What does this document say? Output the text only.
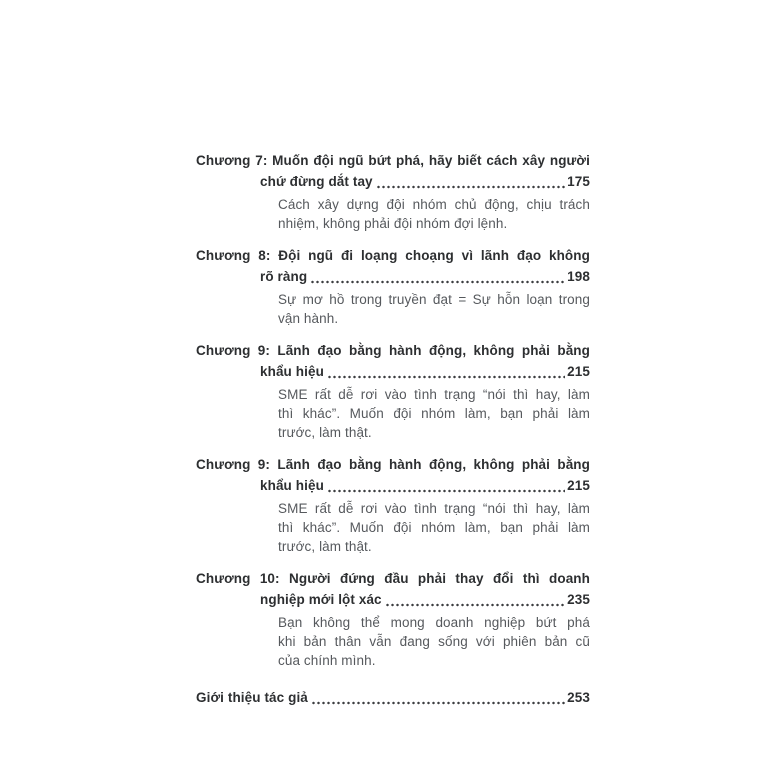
Chương 7: Muốn đội ngũ bứt phá, hãy biết cách xây người
chứ đừng dắt tay	175
Cách xây dựng đội nhóm chủ động, chịu trách
nhiệm, không phải đội nhóm đợi lệnh.
Chương 8: Đội ngũ đi loạng choạng vì lãnh đạo không
rõ ràng	198
Sự mơ hồ trong truyền đạt = Sự hỗn loạn trong
vận hành.
Chương 9: Lãnh đạo bằng hành động, không phải bằng
khẩu hiệu	215
SME rất dễ rơi vào tình trạng “nói thì hay, làm
thì khác”. Muốn đội nhóm làm, bạn phải làm
trước, làm thật.
Chương 9: Lãnh đạo bằng hành động, không phải bằng
khẩu hiệu	215
SME rất dễ rơi vào tình trạng “nói thì hay, làm
thì khác”. Muốn đội nhóm làm, bạn phải làm
trước, làm thật.
Chương 10: Người đứng đầu phải thay đổi thì doanh
nghiệp mới lột xác	235
Bạn không thể mong doanh nghiệp bứt phá
khi bản thân vẫn đang sống với phiên bản cũ
của chính mình.
Giới thiệu tác giả	253
